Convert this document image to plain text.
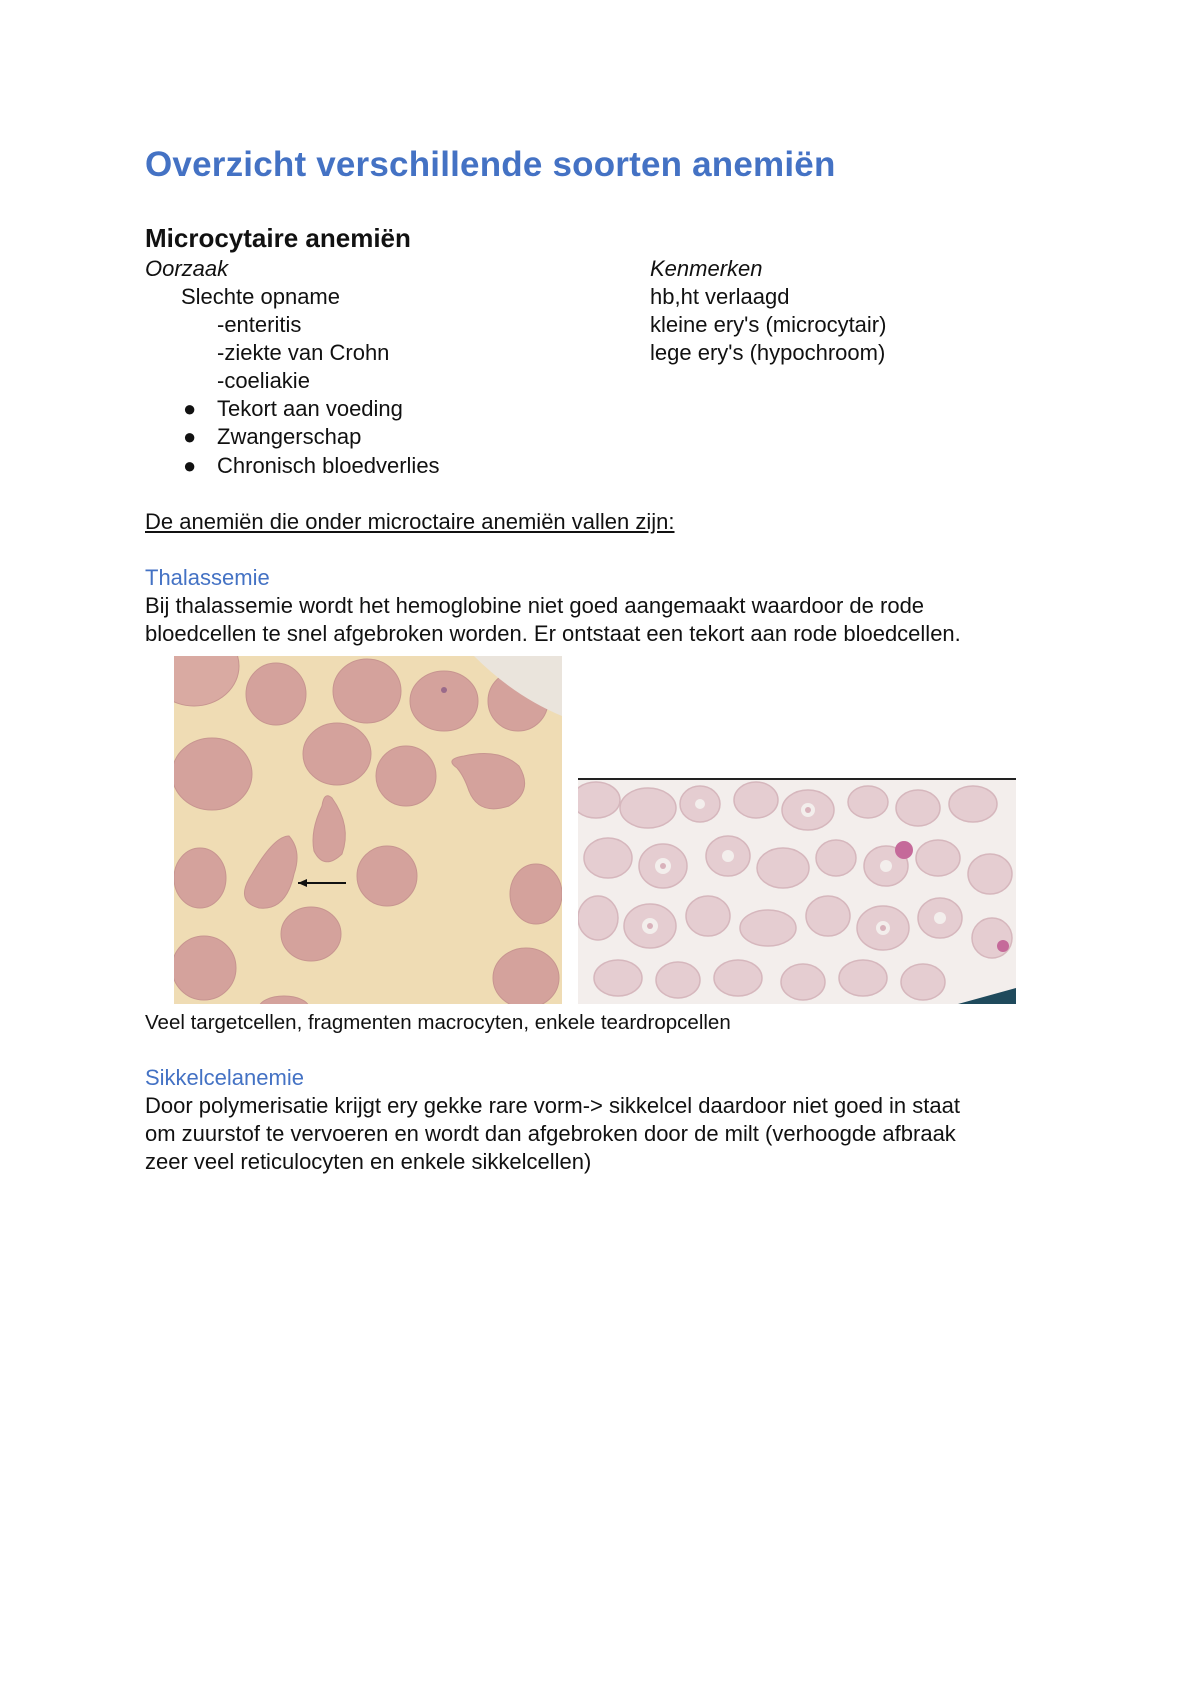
Overzicht verschillende soorten anemiën
Microcytaire anemiën
Oorzaak	Kenmerken
Slechte opname
-enteritis
-ziekte van Crohn
-coeliakie
● Tekort aan voeding
● Zwangerschap
● Chronisch bloedverlies
hb,ht verlaagd
kleine ery's (microcytair)
lege ery's (hypochroom)
De anemiën die onder microctaire anemiën vallen zijn:
Thalassemie
Bij thalassemie wordt het hemoglobine niet goed aangemaakt waardoor de rode
bloedcellen te snel afgebroken worden. Er ontstaat een tekort aan rode bloedcellen.
Veel targetcellen, fragmenten macrocyten, enkele teardropcellen
Sikkelcelanemie
Door polymerisatie krijgt ery gekke rare vorm-> sikkelcel daardoor niet goed in staat
om zuurstof te vervoeren en wordt dan afgebroken door de milt (verhoogde afbraak
zeer veel reticulocyten en enkele sikkelcellen)
